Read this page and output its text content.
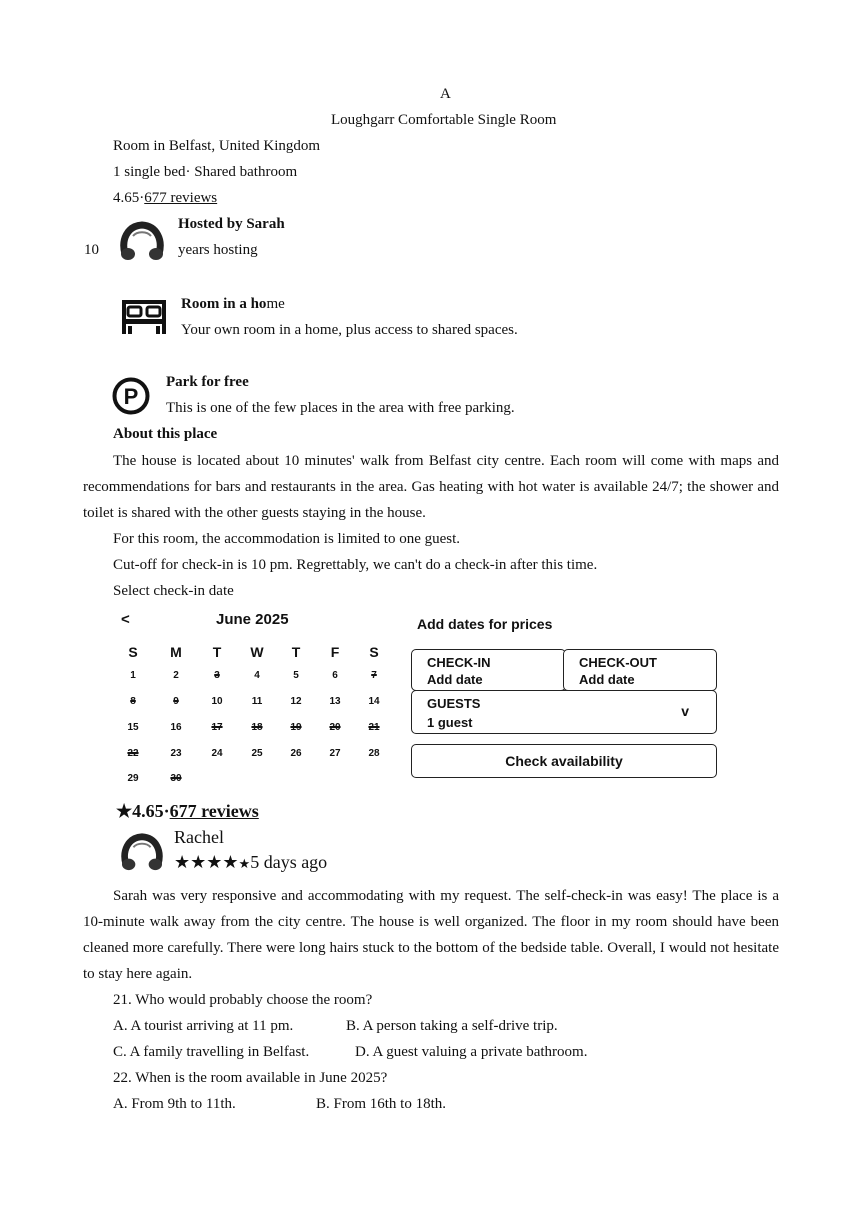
A
Loughgarr Comfortable Single Room
Room in Belfast, United Kingdom
1 single bed· Shared bathroom
4.65·677 reviews
10
Hosted by Sarah
years hosting
Room in a home
Your own room in a home, plus access to shared spaces.
P
Park for free
This is one of the few places in the area with free parking.
About this place

The house is located about 10 minutes' walk from Belfast city centre. Each room will come with maps and recommendations for bars and restaurants in the area. Gas heating with hot water is available 24/7; the shower and toilet is shared with the other guests staying in the house.

For this room, the accommodation is limited to one guest.
Cut-off for check-in is 10 pm. Regrettably, we can't do a check-in after this time.
Select check-in date
<	June 2025
S	M	T	W	T	F	S
1	2	3	4	5	6	7
8	9	10	11	12	13	14
15	16	17	18	19	20	21
22	23	24	25	26	27	28
29	30
Add dates for prices
CHECK-IN
Add date
CHECK-OUT
Add date
GUESTS
1 guest
v
Check availability
★4.65·677 reviews
Rachel
★★★★★5 days ago

Sarah was very responsive and accommodating with my request. The self-check-in was easy! The place is a 10-minute walk away from the city centre. The house is well organized. The floor in my room should have been cleaned more carefully. There were long hairs stuck to the bottom of the bedside table. Overall, I would not hesitate to stay here again.

21. Who would probably choose the room?
A. A tourist arriving at 11 pm.	B. A person taking a self-drive trip.
C. A family travelling in Belfast.	D. A guest valuing a private bathroom.
22. When is the room available in June 2025?
A. From 9th to 11th.	B. From 16th to 18th.
